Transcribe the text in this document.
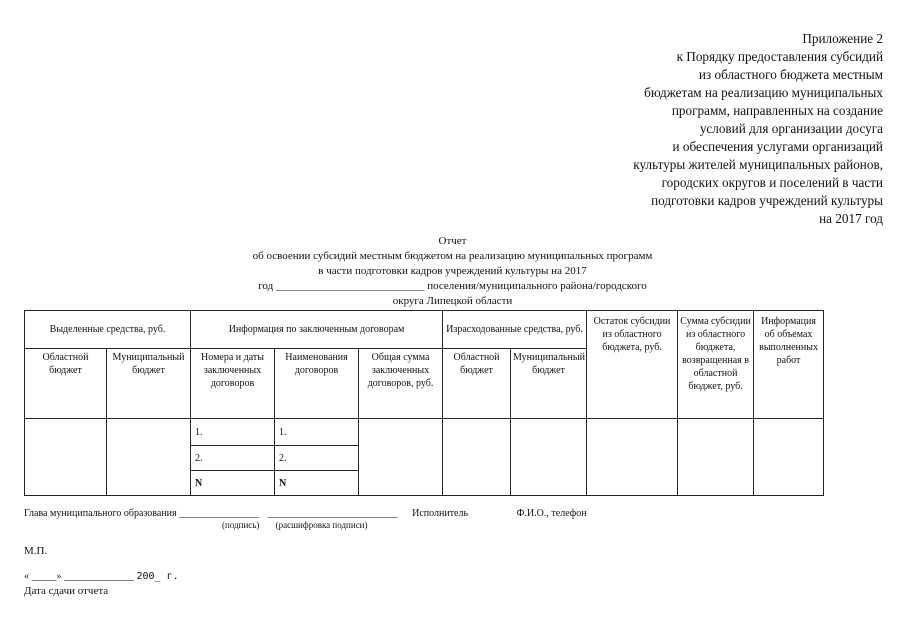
Приложение 2
к Порядку предоставления субсидий
из областного бюджета местным
бюджетам на реализацию муниципальных
программ, направленных на создание
условий для организации досуга
и обеспечения услугами организаций
культуры жителей муниципальных районов,
городских округов и поселений в части
подготовки кадров учреждений культуры
на 2017 год
Отчет
об освоении субсидий местным бюджетом на реализацию муниципальных программ
в части подготовки кадров учреждений культуры на 2017
год ___________________________ поселения/муниципального района/городского
округа Липецкой области
Выделенные средства, руб.		Информация по заключенным договорам			Израсходованные средства, руб.		Остаток субсидии из областного бюджета, руб.	Сумма субсидии из областного бюджета, возвращенная в областной бюджет, руб.	Информация об объемах выполненных работ
Областной бюджет	Муниципальный бюджет	Номера и даты заключенных договоров	Наименования договоров	Общая сумма заключенных договоров, руб.	Областной бюджет	Муниципальный бюджет			
		1.	1.						
		2.	2.						
		N	N						
Глава муниципального образования ________________ __________________________ Исполнитель	Ф.И.О., телефон
(подпись) (расшифровка подписи)
М.П.
« _____» ______________ 200_ г.
Дата сдачи отчета
